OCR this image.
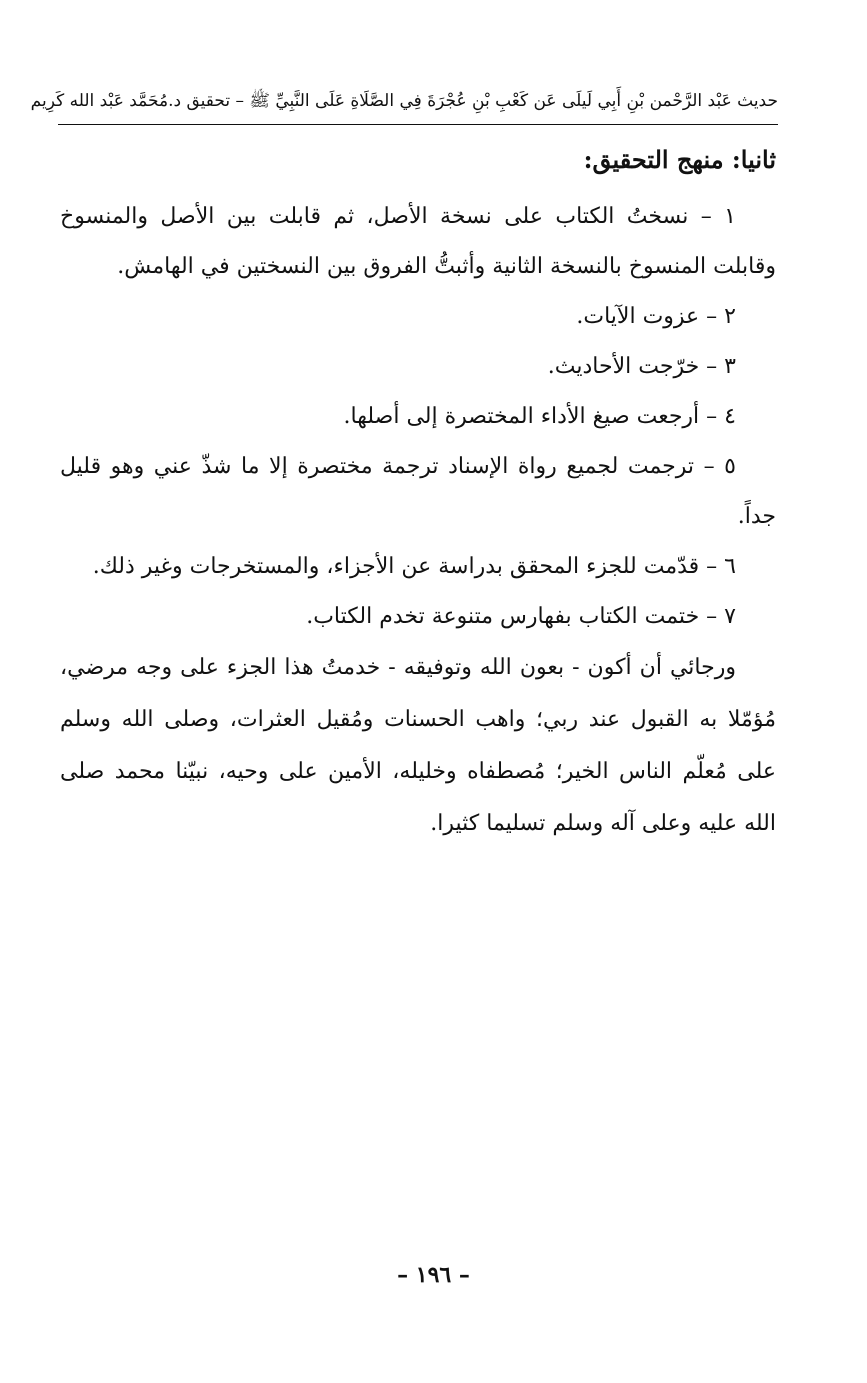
حديث عَبْد الرَّحْمن بْنِ أَبِي لَيلَى عَن كَعْبِ بْنِ عُجْرَةَ فِي الصَّلَاةِ عَلَى النَّبِيِّ ﷺ – تحقيق د.مُحَمَّد عَبْد الله كَرِيم
ثانيا: منهج التحقيق:

١ – نسختُ الكتاب على نسخة الأصل، ثم قابلت بين الأصل والمنسوخ وقابلت المنسوخ بالنسخة الثانية وأثبتُّ الفروق بين النسختين في الهامش.

٢ – عزوت الآيات.

٣ – خرّجت الأحاديث.

٤ – أرجعت صيغ الأداء المختصرة إلى أصلها.

٥ – ترجمت لجميع رواة الإسناد ترجمة مختصرة إلا ما شذّ عني وهو قليل جداً.

٦ – قدّمت للجزء المحقق بدراسة عن الأجزاء، والمستخرجات وغير ذلك.

٧ – ختمت الكتاب بفهارس متنوعة تخدم الكتاب.

ورجائي أن أكون - بعون الله وتوفيقه - خدمتُ هذا الجزء على وجه مرضي، مُؤمّلا به القبول عند ربي؛ واهب الحسنات ومُقيل العثرات، وصلى الله وسلم على مُعلّم الناس الخير؛ مُصطفاه وخليله، الأمين على وحيه، نبيّنا محمد صلى الله عليه وعلى آله وسلم تسليما كثيرا.

– ١٩٦ –
